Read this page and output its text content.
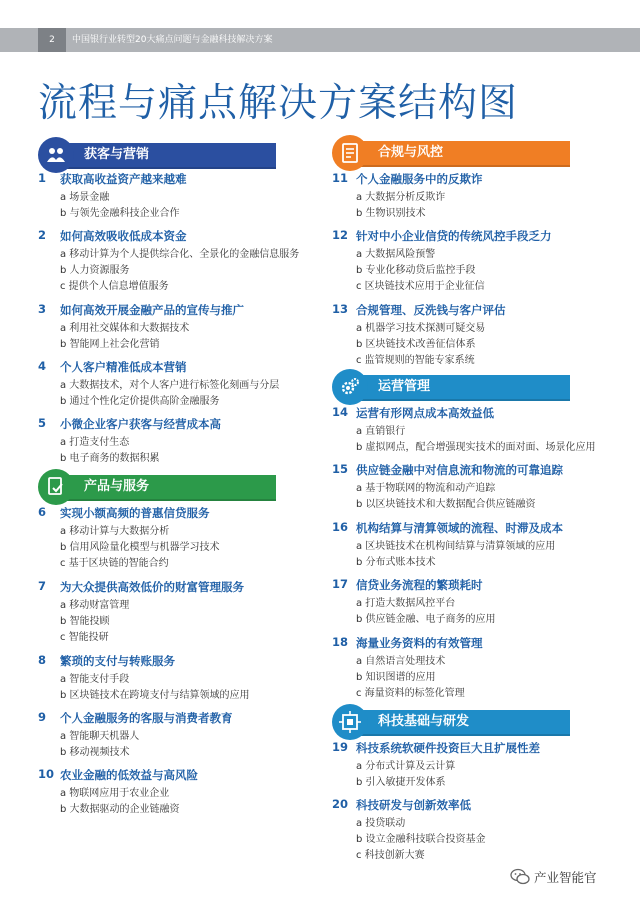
2	中国银行业转型20大痛点问题与金融科技解决方案
流程与痛点解决方案结构图
获客与营销
1 获取高收益资产越来越难
a 场景金融
b 与领先金融科技企业合作
2 如何高效吸收低成本资金
a 移动计算为个人提供综合化、全景化的金融信息服务
b 人力资源服务
c 提供个人信息增值服务
3 如何高效开展金融产品的宣传与推广
a 利用社交媒体和大数据技术
b 智能网上社会化营销
4 个人客户精准低成本营销
a 大数据技术，对个人客户进行标签化刻画与分层
b 通过个性化定价提供高阶金融服务
5 小微企业客户获客与经营成本高
a 打造支付生态
b 电子商务的数据积累
产品与服务
6 实现小额高频的普惠信贷服务
a 移动计算与大数据分析
b 信用风险量化模型与机器学习技术
c 基于区块链的智能合约
7 为大众提供高效低价的财富管理服务
a 移动财富管理
b 智能投顾
c 智能投研
8 繁琐的支付与转账服务
a 智能支付手段
b 区块链技术在跨境支付与结算领域的应用
9 个人金融服务的客服与消费者教育
a 智能聊天机器人
b 移动视频技术
10 农业金融的低效益与高风险
a 物联网应用于农业企业
b 大数据驱动的企业链融资
合规与风控
11 个人金融服务中的反欺诈
a 大数据分析反欺诈
b 生物识别技术
12 针对中小企业信贷的传统风控手段乏力
a 大数据风险预警
b 专业化移动贷后监控手段
c 区块链技术应用于企业征信
13 合规管理、反洗钱与客户评估
a 机器学习技术探测可疑交易
b 区块链技术改善征信体系
c 监管规则的智能专家系统
运营管理
14 运营有形网点成本高效益低
a 直销银行
b 虚拟网点，配合增强现实技术的面对面、场景化应用
15 供应链金融中对信息流和物流的可靠追踪
a 基于物联网的物流和动产追踪
b 以区块链技术和大数据配合供应链融资
16 机构结算与清算领域的流程、时滞及成本
a 区块链技术在机构间结算与清算领域的应用
b 分布式账本技术
17 信贷业务流程的繁琐耗时
a 打造大数据风控平台
b 供应链金融、电子商务的应用
18 海量业务资料的有效管理
a 自然语言处理技术
b 知识图谱的应用
c 海量资料的标签化管理
科技基础与研发
19 科技系统软硬件投资巨大且扩展性差
a 分布式计算及云计算
b 引入敏捷开发体系
20 科技研发与创新效率低
a 投贷联动
b 设立金融科技联合投资基金
c 科技创新大赛
产业智能官
